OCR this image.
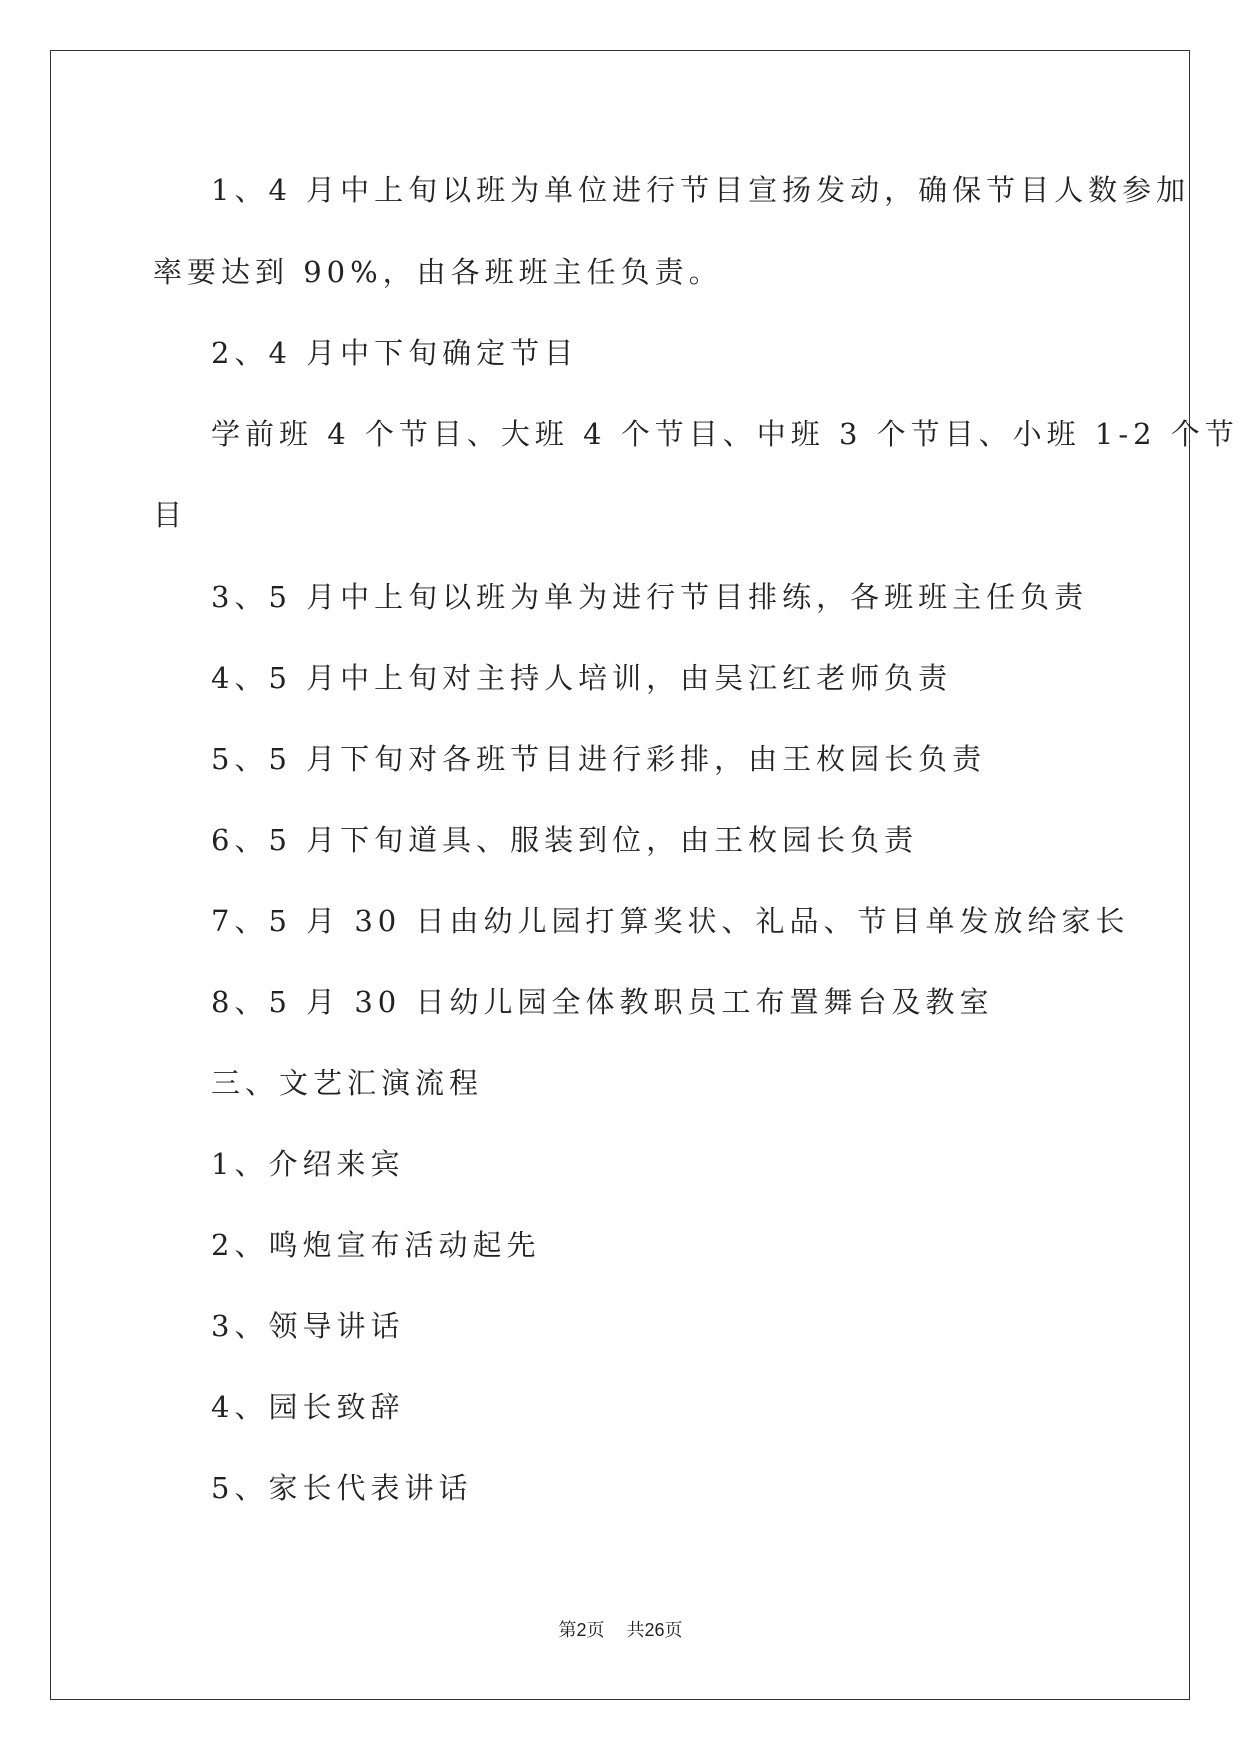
1、4 月中上旬以班为单位进行节目宣扬发动，确保节目人数参加
率要达到 90%，由各班班主任负责。
2、4 月中下旬确定节目
学前班 4 个节目、大班 4 个节目、中班 3 个节目、小班 1-2 个节
目
3、5 月中上旬以班为单为进行节目排练，各班班主任负责
4、5 月中上旬对主持人培训，由吴江红老师负责
5、5 月下旬对各班节目进行彩排，由王枚园长负责
6、5 月下旬道具、服装到位，由王枚园长负责
7、5 月 30 日由幼儿园打算奖状、礼品、节目单发放给家长
8、5 月 30 日幼儿园全体教职员工布置舞台及教室
三、文艺汇演流程
1、介绍来宾
2、鸣炮宣布活动起先
3、领导讲话
4、园长致辞
5、家长代表讲话
第2页 共26页
